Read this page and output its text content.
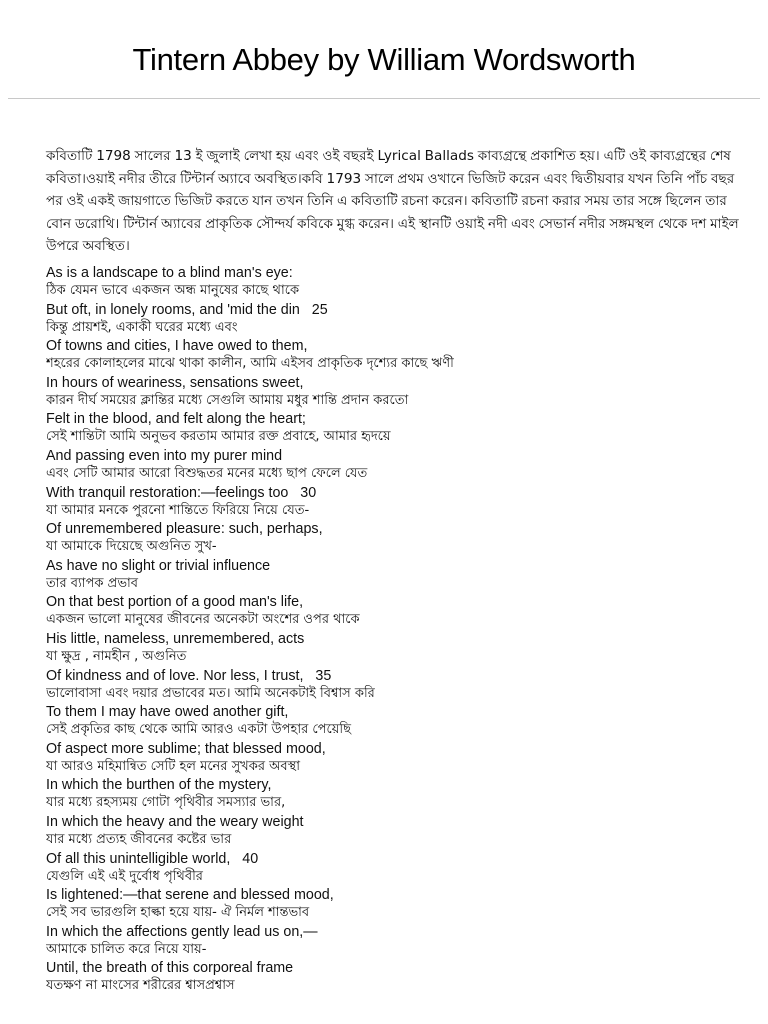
Tintern Abbey by William Wordsworth

কবিতাটি 1798 সালের 13 ই জুলাই লেখা হয় এবং ওই বছরই Lyrical Ballads কাব্যগ্রন্থে প্রকাশিত হয়। এটি ওই কাব্যগ্রন্থের শেষ কবিতা।ওয়াই নদীর তীরে টিন্টার্ন অ্যাবে অবস্থিত।কবি 1793 সালে প্রথম ওখানে ভিজিট করেন এবং দ্বিতীয়বার যখন তিনি পাঁচ বছর পর ওই একই জায়গাতে ভিজিট করতে যান তখন তিনি এ কবিতাটি রচনা করেন। কবিতাটি রচনা করার সময় তার সঙ্গে ছিলেন তার বোন ডরোথি। টিন্টার্ন অ্যাবের প্রাকৃতিক সৌন্দর্য কবিকে মুগ্ধ করেন। এই স্থানটি ওয়াই নদী এবং সেভার্ন নদীর সঙ্গমস্থল থেকে দশ মাইল উপরে অবস্থিত।

As is a landscape to a blind man's eye:
ঠিক যেমন ভাবে একজন অন্ধ মানুষের কাছে থাকে
But oft, in lonely rooms, and 'mid the din   25
কিন্তু প্রায়শই, একাকী ঘরের মধ্যে এবং
Of towns and cities, I have owed to them,
শহরের কোলাহলের মাঝে থাকা কালীন, আমি এইসব প্রাকৃতিক দৃশ্যের কাছে ঋণী
In hours of weariness, sensations sweet,
কারন দীর্ঘ সময়ের ক্লান্তির মধ্যে সেগুলি আমায় মধুর শান্তি প্রদান করতো
Felt in the blood, and felt along the heart;
সেই শান্তিটা আমি অনুভব করতাম আমার রক্ত প্রবাহে, আমার হৃদয়ে
And passing even into my purer mind
এবং সেটি আমার আরো বিশুদ্ধতর মনের মধ্যে ছাপ ফেলে যেত
With tranquil restoration:—feelings too   30
যা আমার মনকে পুরনো শান্তিতে ফিরিয়ে নিয়ে যেত-
Of unremembered pleasure: such, perhaps,
যা আমাকে দিয়েছে অগুনিত সুখ-
As have no slight or trivial influence
তার ব্যাপক প্রভাব
On that best portion of a good man's life,
একজন ভালো মানুষের জীবনের অনেকটা অংশের ওপর থাকে
His little, nameless, unremembered, acts
যা ক্ষুদ্র , নামহীন , অগুনিত
Of kindness and of love. Nor less, I trust,   35
ভালোবাসা এবং দয়ার প্রভাবের মত। আমি অনেকটাই বিশ্বাস করি
To them I may have owed another gift,
সেই প্রকৃতির কাছ থেকে আমি আরও একটা উপহার পেয়েছি
Of aspect more sublime; that blessed mood,
যা আরও মহিমান্বিত সেটি হল মনের সুখকর অবস্থা
In which the burthen of the mystery,
যার মধ্যে রহস্যময় গোটা পৃথিবীর সমস্যার ভার,
In which the heavy and the weary weight
যার মধ্যে প্রত্যহ জীবনের কষ্টের ভার
Of all this unintelligible world,   40
যেগুলি এই এই দুর্বোধ পৃথিবীর
Is lightened:—that serene and blessed mood,
সেই সব ভারগুলি হাল্কা হয়ে যায়- ঐ নির্মল শান্তভাব
In which the affections gently lead us on,—
আমাকে চালিত করে নিয়ে যায়-
Until, the breath of this corporeal frame
যতক্ষণ না মাংসের শরীরের শ্বাসপ্রশ্বাস
